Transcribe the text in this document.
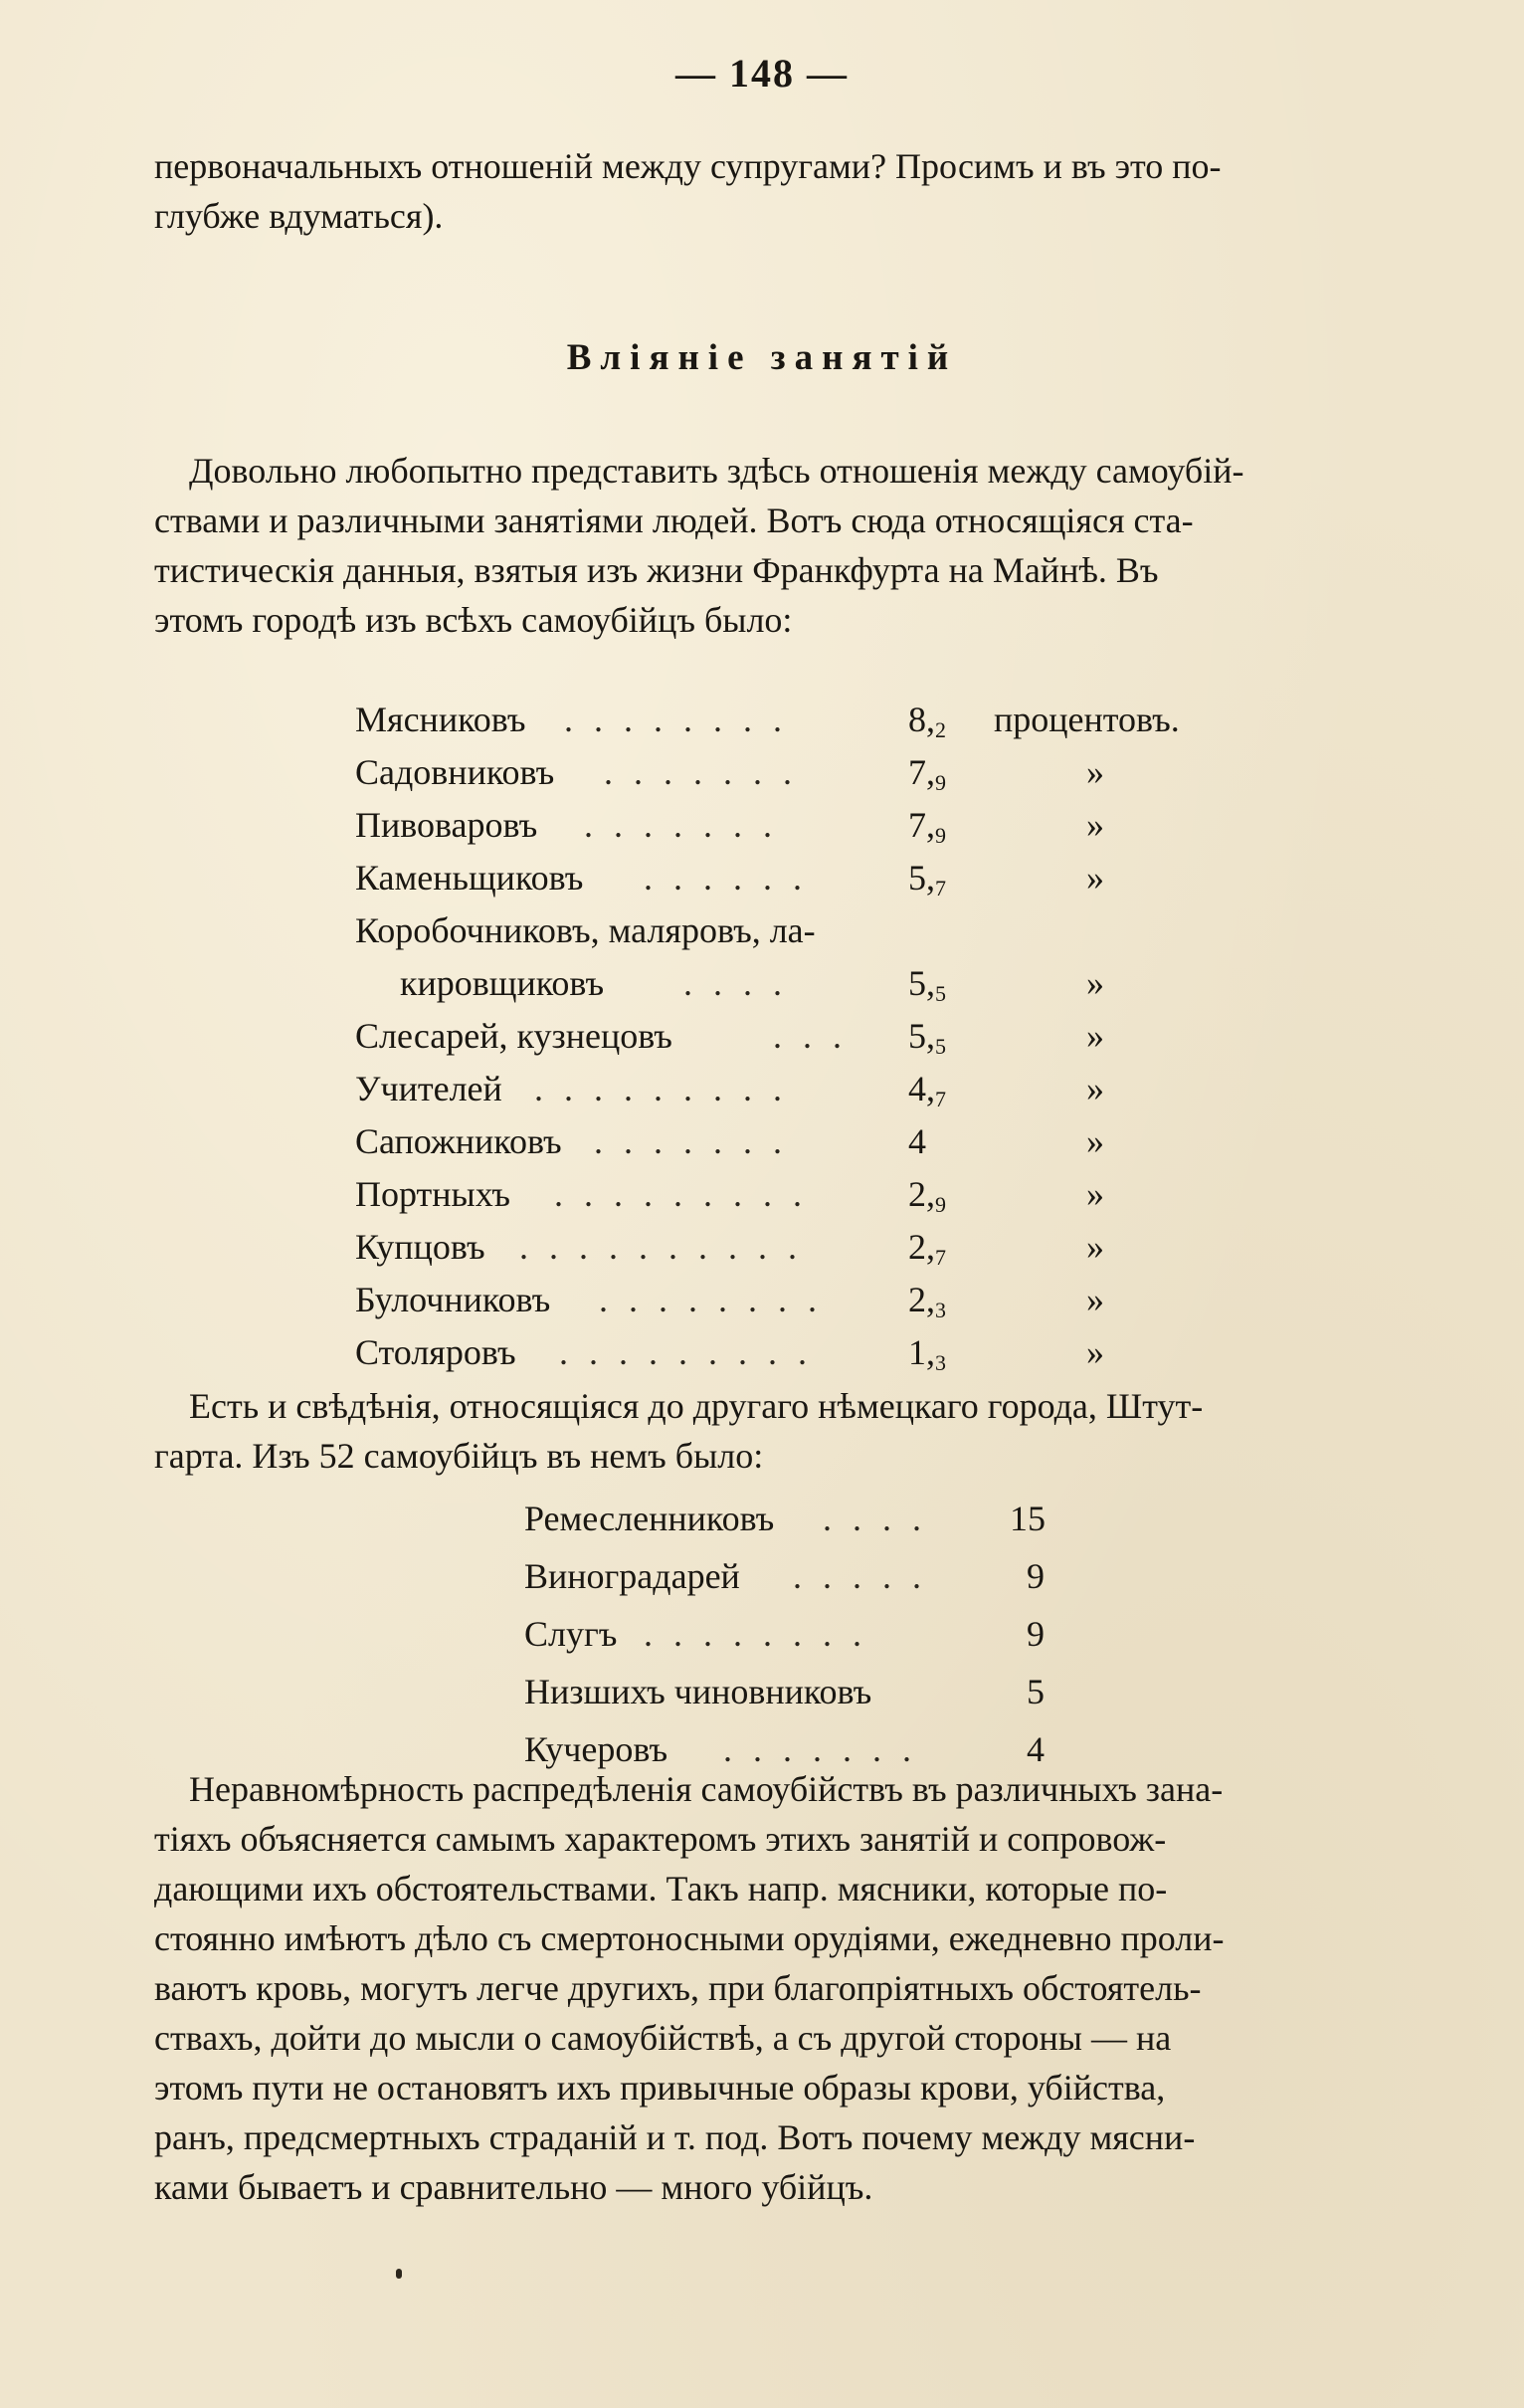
— 148 —
первоначальныхъ отношенiй между супругами? Просимъ и въ это по-
глубже вдуматься).
Вліяніе занятій
Довольно любопытно представить здѣсь отношенія между самоубій-
ствами и различными занятіями людей. Вотъ сюда относящіяся ста-
тистическія данныя, взятыя изъ жизни Франкфурта на Майнѣ. Въ
этомъ городѣ изъ всѣхъ самоубійцъ было:
Мясниковъ . . . . . . . .	8,2 процентовъ.
Садовниковъ . . . . . . .	7,9	»
Пивоваровъ . . . . . . .	7,9	»
Каменьщиковъ . . . . . .	5,7	»
Коробочниковъ, маляровъ, ла-
кировщиковъ . . . .	5,5	»
Слесарей, кузнецовъ	. . . 5,5	»
Учителей . . . . . . . . .	4,7	»
Сапожниковъ . . . . . . .	4	»
Портныхъ . . . . . . . . .	2,9	»
Купцовъ . . . . . . . . . .	2,7	»
Булочниковъ . . . . . . . . 2,3	»
Столяровъ . . . . . . . . .	1,3	»
Есть и свѣдѣнія, относящіяся до другаго нѣмецкаго города, Штут-
гарта. Изъ 52 самоубійцъ въ немъ было:
Ремесленниковъ . . . . 15
Виноградарей . . . . .	9
Слугъ . . . . . . . .	9
Низшихъ чиновниковъ	5
Кучеровъ . . . . . . .	4
Неравномѣрность распредѣленія самоубійствъ въ различныхъ зана-
тіяхъ объясняется самымъ характеромъ этихъ занятій и сопровож-
дающими ихъ обстоятельствами. Такъ напр. мясники, которые по-
стоянно имѣютъ дѣло съ смертоносными орудіями, ежедневно проли-
ваютъ кровь, могутъ легче другихъ, при благопріятныхъ обстоятель-
ствахъ, дойти до мысли о самоубійствѣ, а съ другой стороны — на
этомъ пути не остановятъ ихъ привычные образы крови, убійства,
ранъ, предсмертныхъ страданій и т. под. Вотъ почему между мясни-
ками бываетъ и сравнительно — много убійцъ.
